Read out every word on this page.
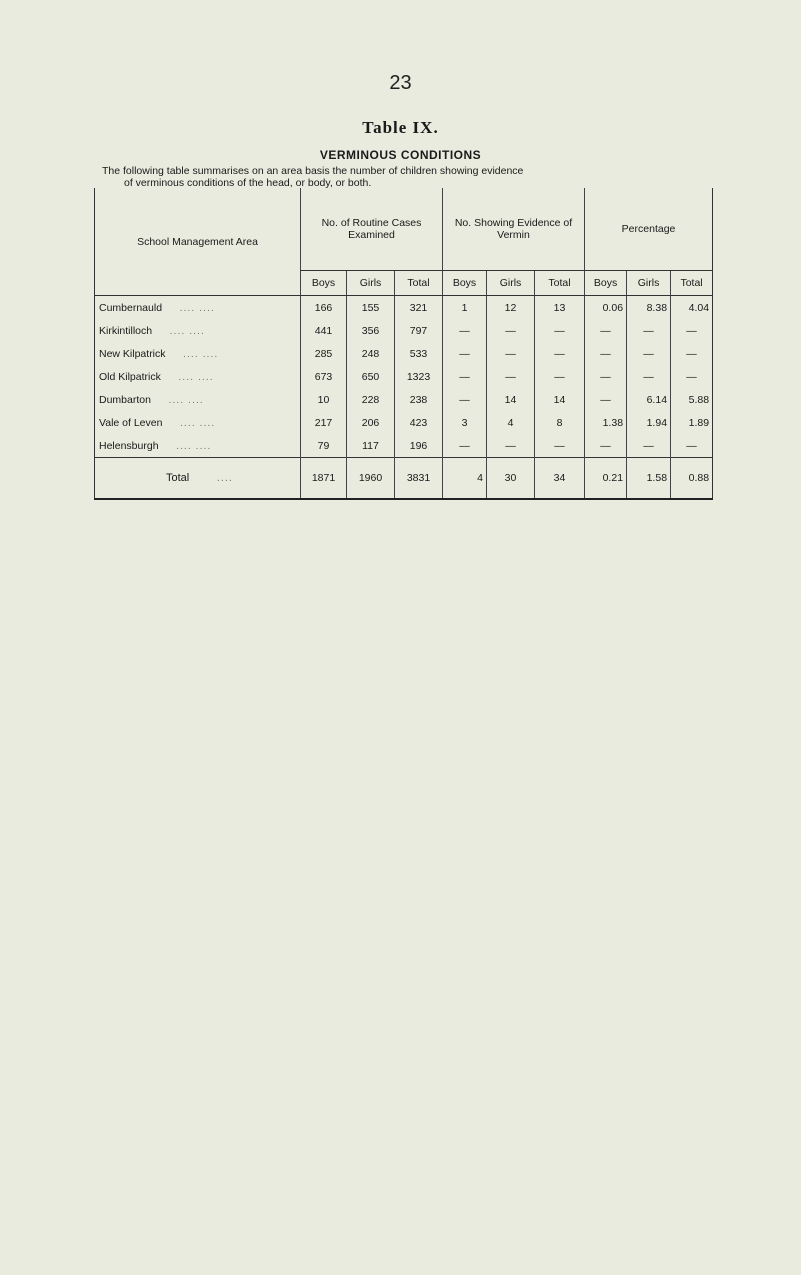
23
Table IX.
VERMINOUS CONDITIONS
The following table summarises on an area basis the number of children showing evidence
of verminous conditions of the head, or body, or both.
School Management Area	No. of Routine Cases Examined			No. Showing Evidence of Vermin			Percentage		
	Boys	Girls	Total	Boys	Girls	Total	Boys	Girls	Total
Cumbernauld .... ....	166	155	321	1	12	13	0.06	8.38	4.04
Kirkintilloch .... ....	441	356	797	—	—	—	—	—	—
New Kilpatrick .... ....	285	248	533	—	—	—	—	—	—
Old Kilpatrick .... ....	673	650	1323	—	—	—	—	—	—
Dumbarton .... ....	10	228	238	—	14	14	—	6.14	5.88
Vale of Leven .... ....	217	206	423	3	4	8	1.38	1.94	1.89
Helensburgh .... ....	79	117	196	—	—	—	—	—	—
Total ....	1871	1960	3831	4	30	34	0.21	1.58	0.88
